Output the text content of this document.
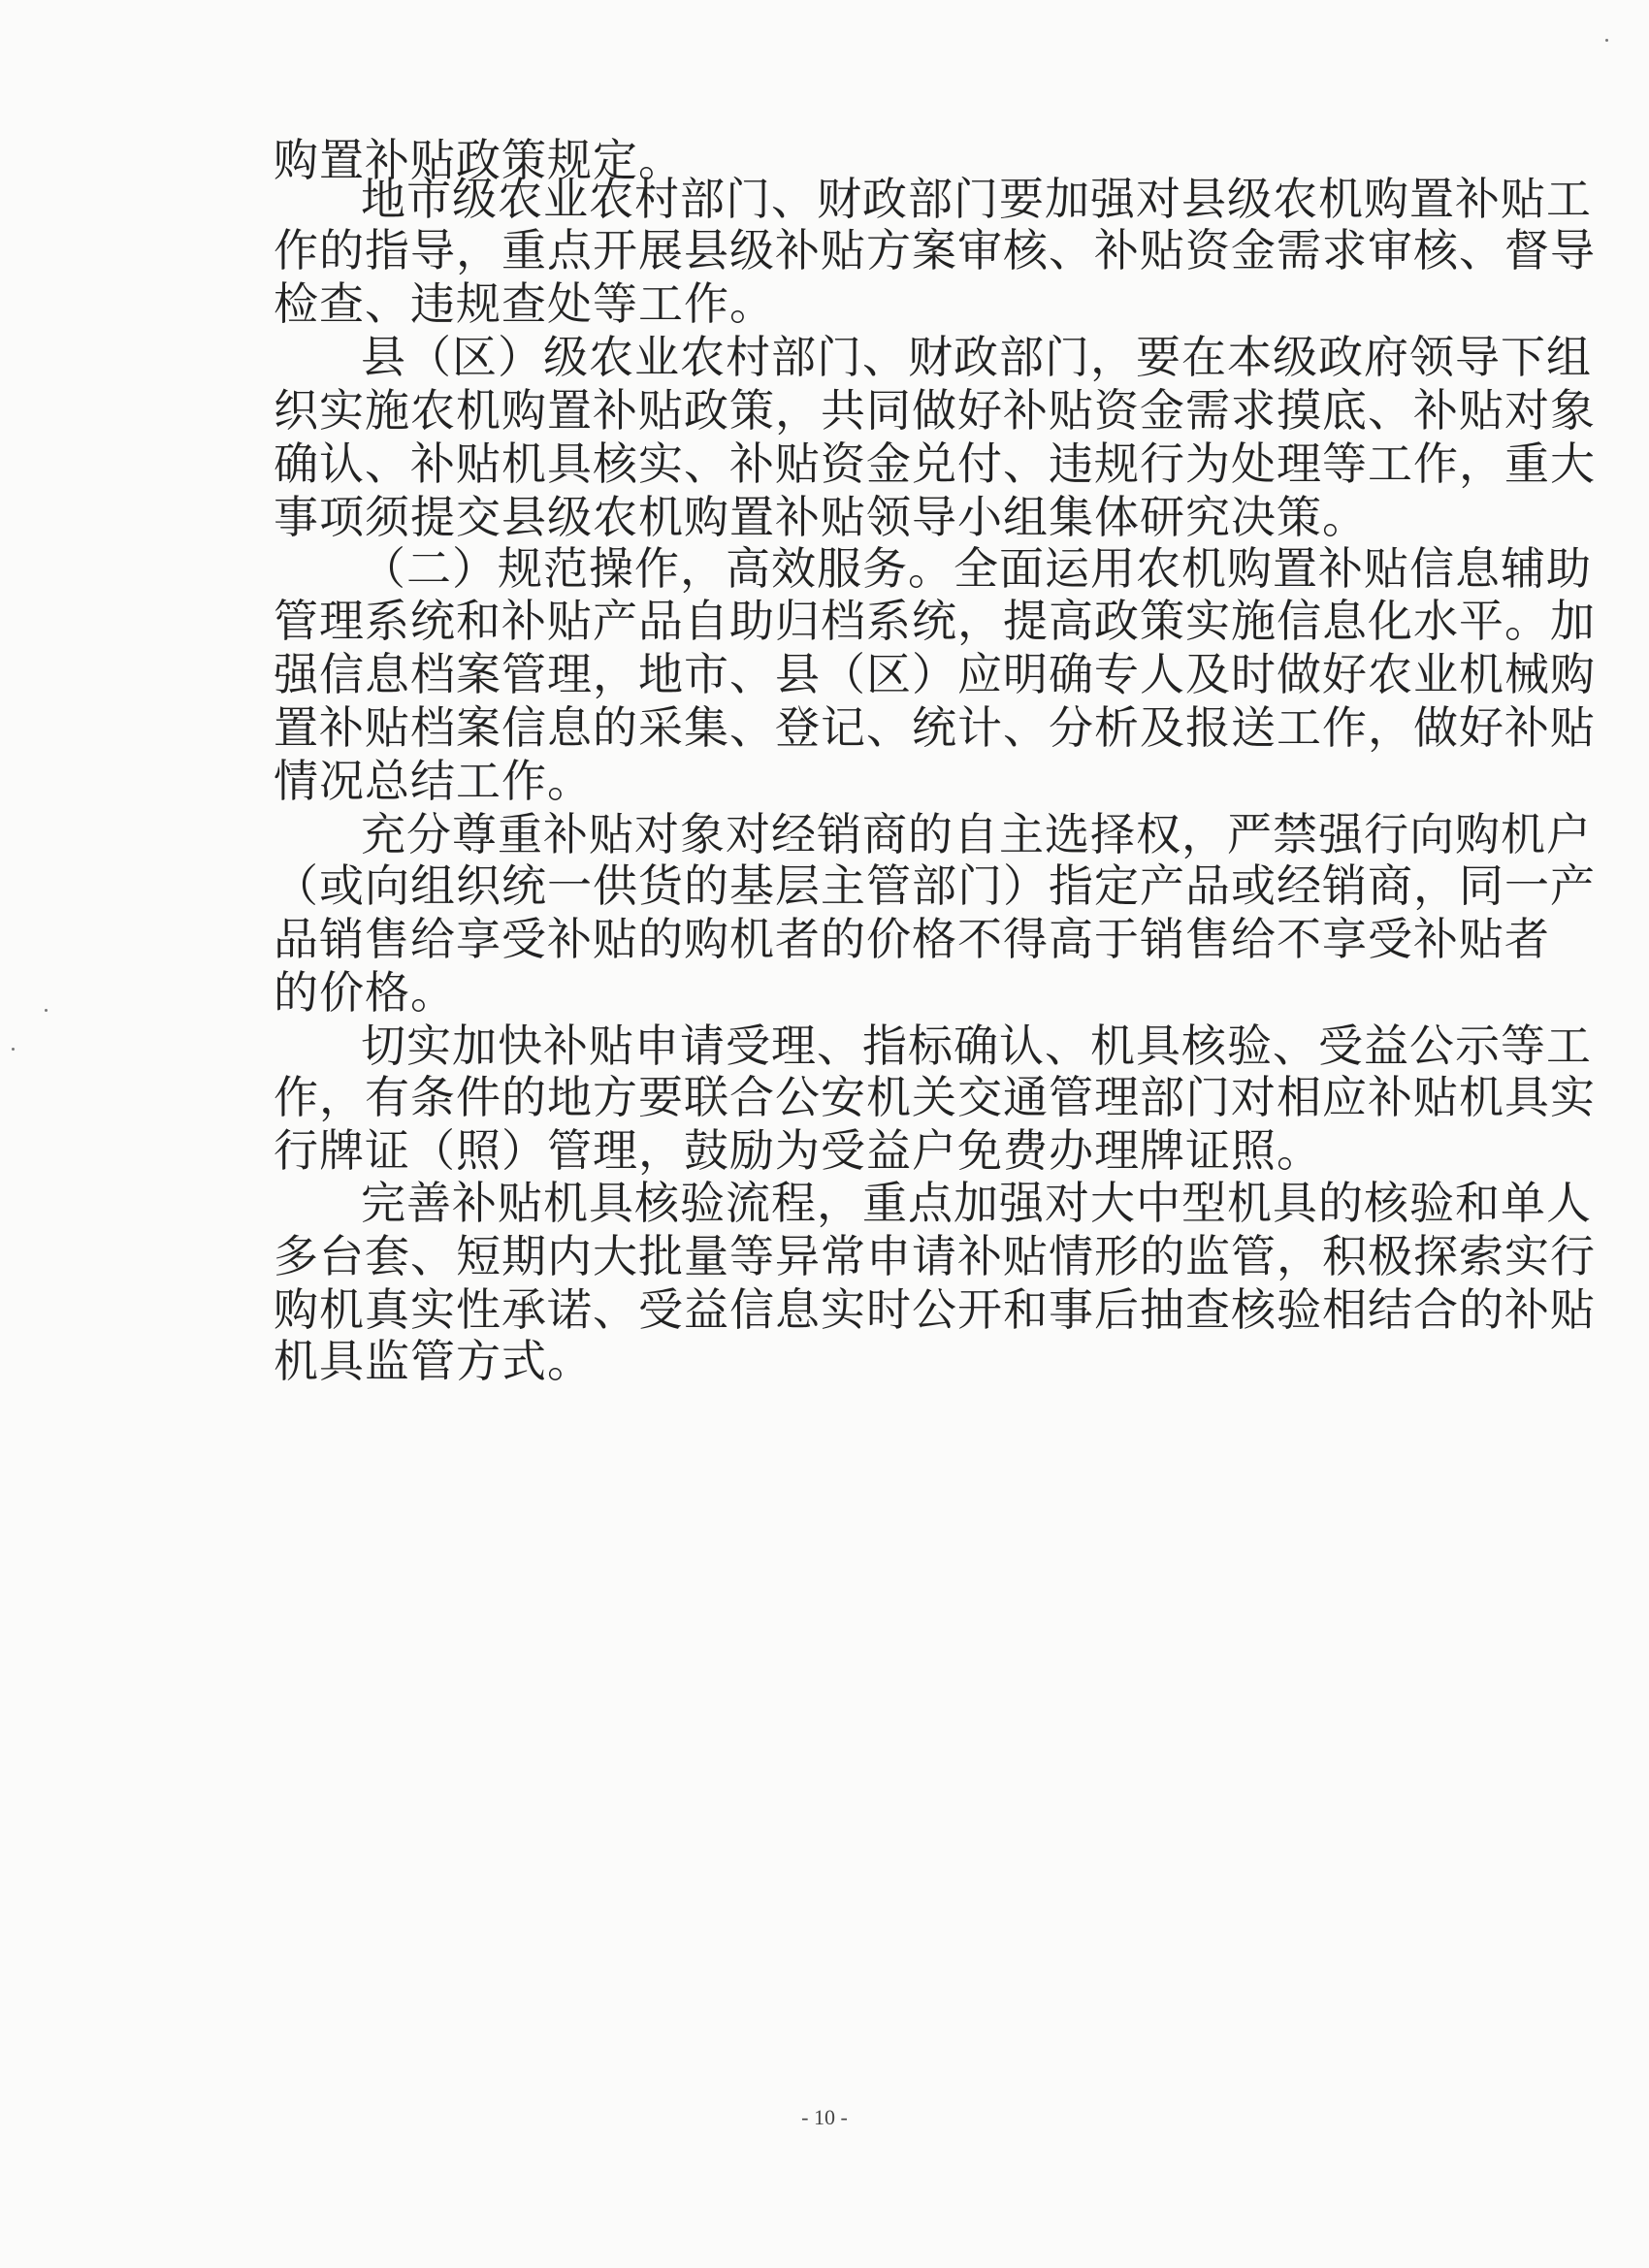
购置补贴政策规定。
地市级农业农村部门、财政部门要加强对县级农机购置补贴工
作的指导，重点开展县级补贴方案审核、补贴资金需求审核、督导
检查、违规查处等工作。
县（区）级农业农村部门、财政部门，要在本级政府领导下组
织实施农机购置补贴政策，共同做好补贴资金需求摸底、补贴对象
确认、补贴机具核实、补贴资金兑付、违规行为处理等工作，重大
事项须提交县级农机购置补贴领导小组集体研究决策。
（二）规范操作，高效服务。全面运用农机购置补贴信息辅助
管理系统和补贴产品自助归档系统，提高政策实施信息化水平。加
强信息档案管理，地市、县（区）应明确专人及时做好农业机械购
置补贴档案信息的采集、登记、统计、分析及报送工作，做好补贴
情况总结工作。
充分尊重补贴对象对经销商的自主选择权，严禁强行向购机户
（或向组织统一供货的基层主管部门）指定产品或经销商，同一产
品销售给享受补贴的购机者的价格不得高于销售给不享受补贴者
的价格。
切实加快补贴申请受理、指标确认、机具核验、受益公示等工
作，有条件的地方要联合公安机关交通管理部门对相应补贴机具实
行牌证（照）管理，鼓励为受益户免费办理牌证照。
完善补贴机具核验流程，重点加强对大中型机具的核验和单人
多台套、短期内大批量等异常申请补贴情形的监管，积极探索实行
购机真实性承诺、受益信息实时公开和事后抽查核验相结合的补贴
机具监管方式。
- 10 -
